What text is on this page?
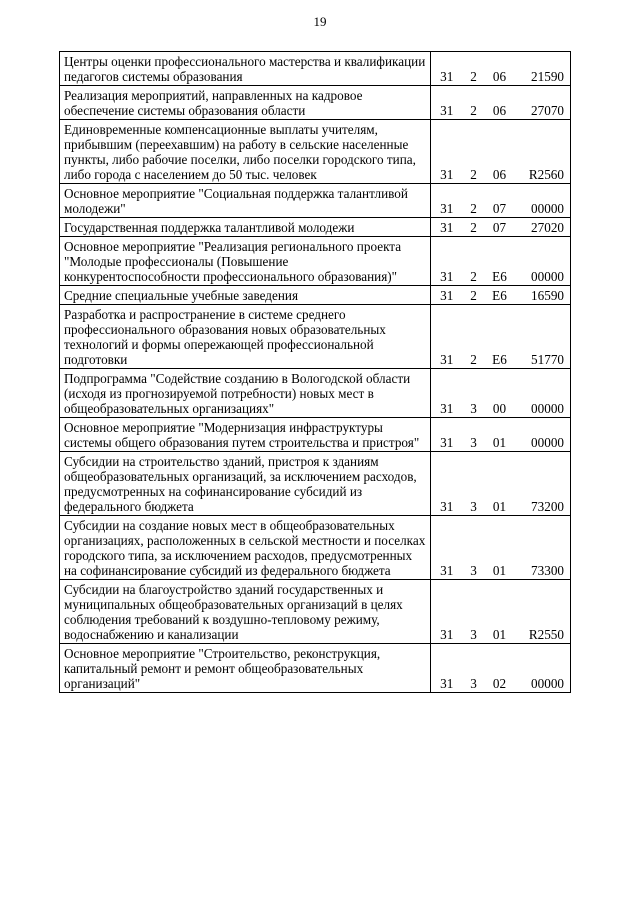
19
Центры оценки профессионального мастерства и квалификации педагогов системы образования	31	2	06	21590
Реализация мероприятий, направленных на кадровое обеспечение системы образования области	31	2	06	27070
Единовременные компенсационные выплаты учителям, прибывшим (переехавшим) на работу в сельские населенные пункты, либо рабочие поселки, либо поселки городского типа, либо города с населением до 50 тыс. человек	31	2	06	R2560
Основное мероприятие "Социальная поддержка талантливой молодежи"	31	2	07	00000
Государственная поддержка талантливой молодежи	31	2	07	27020
Основное мероприятие "Реализация регионального проекта "Молодые профессионалы (Повышение конкурентоспособности профессионального образования)"	31	2	Е6	00000
Средние специальные учебные заведения	31	2	Е6	16590
Разработка и распространение в системе среднего профессионального образования новых образовательных технологий и формы опережающей профессиональной подготовки	31	2	Е6	51770
Подпрограмма "Содействие созданию в Вологодской области (исходя из прогнозируемой потребности) новых мест в общеобразовательных организациях"	31	3	00	00000
Основное мероприятие "Модернизация инфраструктуры системы общего образования путем строительства и пристроя"	31	3	01	00000
Субсидии на строительство зданий, пристроя к зданиям общеобразовательных организаций, за исключением расходов, предусмотренных на софинансирование субсидий из федерального бюджета	31	3	01	73200
Субсидии на создание новых мест в общеобразовательных организациях, расположенных в сельской местности и поселках городского типа, за исключением расходов, предусмотренных на софинансирование субсидий из федерального бюджета	31	3	01	73300
Субсидии на благоустройство зданий государственных и муниципальных общеобразовательных организаций в целях соблюдения требований к воздушно-тепловому режиму, водоснабжению и канализации	31	3	01	R2550
Основное мероприятие "Строительство, реконструкция, капитальный ремонт и ремонт общеобразовательных организаций"	31	3	02	00000
